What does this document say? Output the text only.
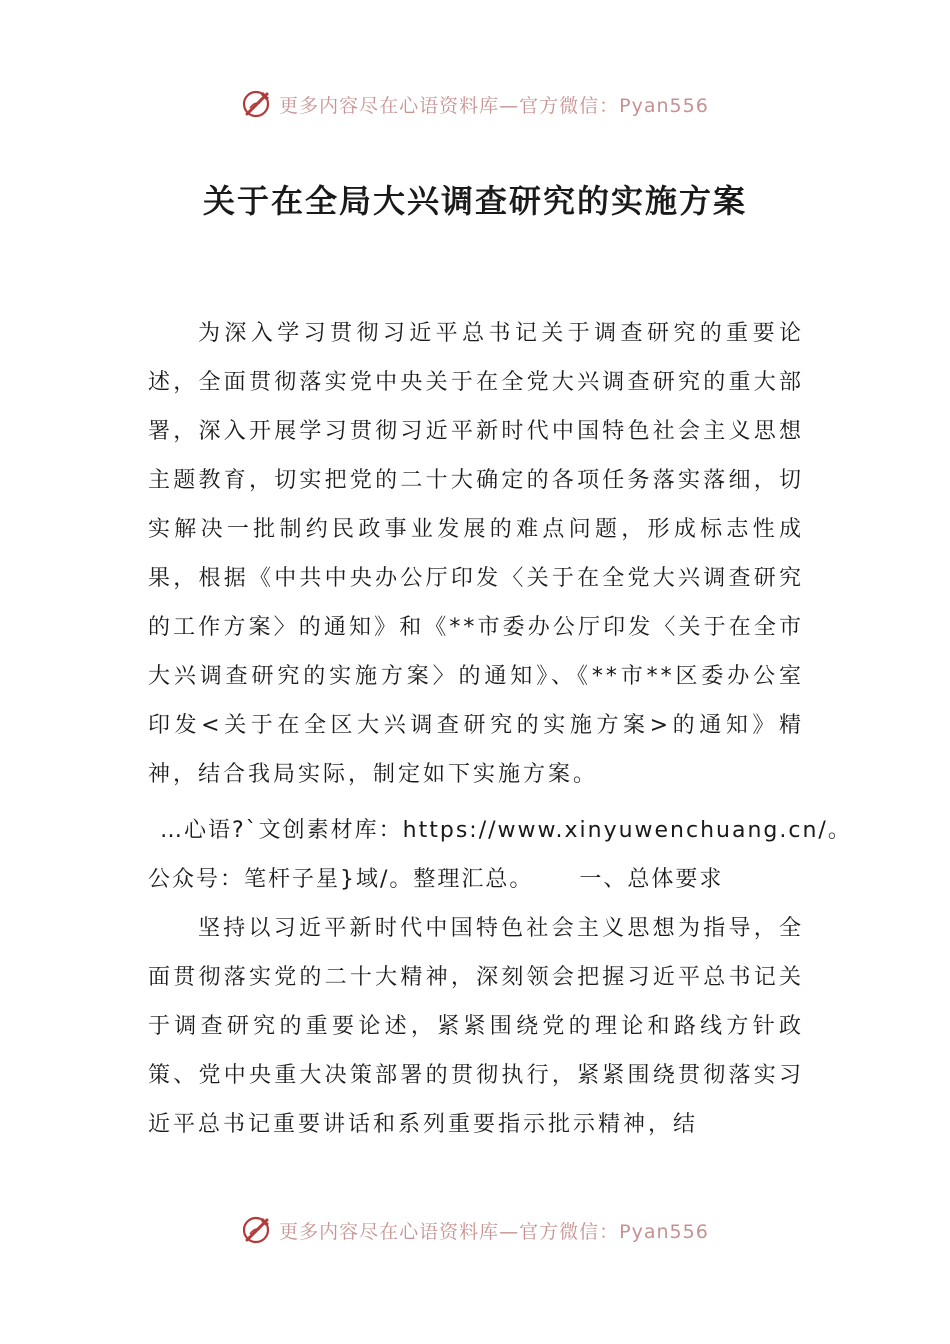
更多内容尽在心语资料库—官方微信：Pyan556
关于在全局大兴调查研究的实施方案
为深入学习贯彻习近平总书记关于调查研究的重要论述，全面贯彻落实党中央关于在全党大兴调查研究的重大部署，深入开展学习贯彻习近平新时代中国特色社会主义思想主题教育，切实把党的二十大确定的各项任务落实落细，切实解决一批制约民政事业发展的难点问题，形成标志性成果，根据《中共中央办公厅印发〈关于在全党大兴调查研究的工作方案〉的通知》和《**市委办公厅印发〈关于在全市大兴调查研究的实施方案〉的通知》、《**市**区委办公室印发<关于在全区大兴调查研究的实施方案>的通知》精神，结合我局实际，制定如下实施方案。
…心语?`文创素材库：https://www.xinyuwenchuang.cn/。
公众号：笔杆子星}域/。整理汇总。 一、总体要求
坚持以习近平新时代中国特色社会主义思想为指导，全面贯彻落实党的二十大精神，深刻领会把握习近平总书记关于调查研究的重要论述，紧紧围绕党的理论和路线方针政策、党中央重大决策部署的贯彻执行，紧紧围绕贯彻落实习近平总书记重要讲话和系列重要指示批示精神，结
更多内容尽在心语资料库—官方微信：Pyan556
